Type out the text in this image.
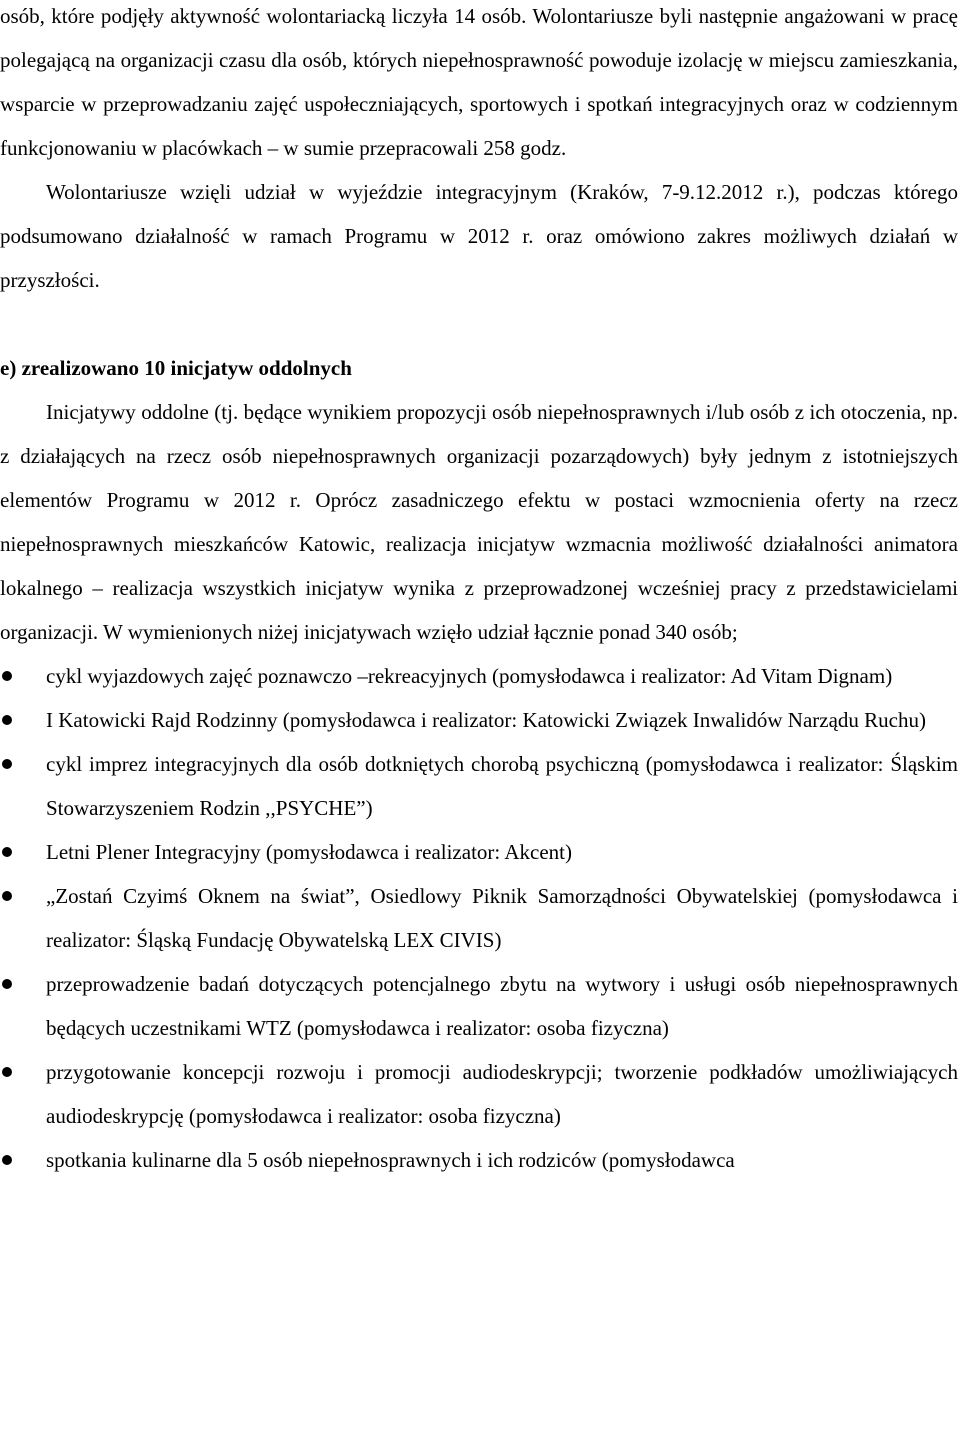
osób, które podjęły aktywność wolontariacką liczyła 14 osób. Wolontariusze byli następnie angażowani w pracę polegającą na organizacji czasu dla osób, których niepełnosprawność powoduje izolację w miejscu zamieszkania, wsparcie w przeprowadzaniu zajęć uspołeczniających, sportowych i spotkań integracyjnych oraz w codziennym funkcjonowaniu w placówkach – w sumie przepracowali 258 godz.

Wolontariusze wzięli udział w wyjeździe integracyjnym (Kraków, 7-9.12.2012 r.), podczas którego podsumowano działalność w ramach Programu w 2012 r. oraz omówiono zakres możliwych działań w przyszłości.

e) zrealizowano 10 inicjatyw oddolnych

Inicjatywy oddolne (tj. będące wynikiem propozycji osób niepełnosprawnych i/lub osób z ich otoczenia, np. z działających na rzecz osób niepełnosprawnych organizacji pozarządowych) były jednym z istotniejszych elementów Programu w 2012 r. Oprócz zasadniczego efektu w postaci wzmocnienia oferty na rzecz niepełnosprawnych mieszkańców Katowic, realizacja inicjatyw wzmacnia możliwość działalności animatora lokalnego – realizacja wszystkich inicjatyw wynika z przeprowadzonej wcześniej pracy z przedstawicielami organizacji. W wymienionych niżej inicjatywach wzięło udział łącznie ponad 340 osób;

cykl wyjazdowych zajęć poznawczo –rekreacyjnych (pomysłodawca i realizator: Ad Vitam Dignam)
I Katowicki Rajd Rodzinny (pomysłodawca i realizator: Katowicki Związek Inwalidów Narządu Ruchu)
cykl imprez integracyjnych dla osób dotkniętych chorobą psychiczną (pomysłodawca i realizator: Śląskim Stowarzyszeniem Rodzin ,,PSYCHE”)
Letni Plener Integracyjny (pomysłodawca i realizator: Akcent)
„Zostań Czyimś Oknem na świat”, Osiedlowy Piknik Samorządności Obywatelskiej (pomysłodawca i realizator: Śląską Fundację Obywatelską LEX CIVIS)
przeprowadzenie badań dotyczących potencjalnego zbytu na wytwory i usługi osób niepełnosprawnych będących uczestnikami WTZ (pomysłodawca i realizator: osoba fizyczna)
przygotowanie koncepcji rozwoju i promocji audiodeskrypcji; tworzenie podkładów umożliwiających audiodeskrypcję (pomysłodawca i realizator: osoba fizyczna)
spotkania kulinarne dla 5 osób niepełnosprawnych i ich rodziców (pomysłodawca
